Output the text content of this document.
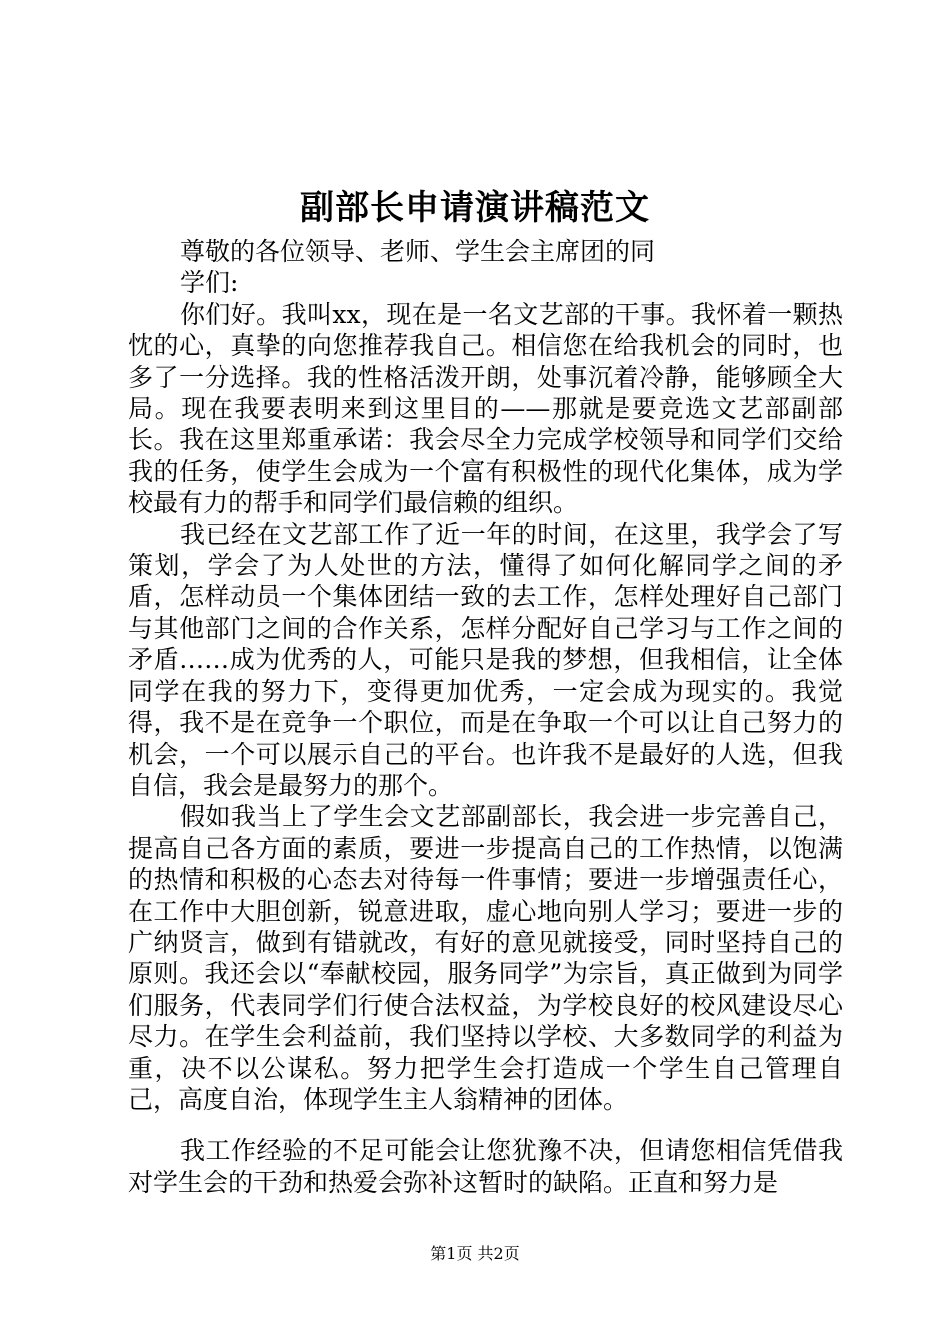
副部长申请演讲稿范文

尊敬的各位领导、老师、学生会主席团的同学们:

你们好。我叫xx，现在是一名文艺部的干事。我怀着一颗热忱的心，真挚的向您推荐我自己。相信您在给我机会的同时，也多了一分选择。我的性格活泼开朗，处事沉着冷静，能够顾全大局。现在我要表明来到这里目的——那就是要竞选文艺部副部长。我在这里郑重承诺：我会尽全力完成学校领导和同学们交给我的任务，使学生会成为一个富有积极性的现代化集体，成为学校最有力的帮手和同学们最信赖的组织。

我已经在文艺部工作了近一年的时间，在这里，我学会了写策划，学会了为人处世的方法，懂得了如何化解同学之间的矛盾，怎样动员一个集体团结一致的去工作，怎样处理好自己部门与其他部门之间的合作关系，怎样分配好自己学习与工作之间的矛盾……成为优秀的人，可能只是我的梦想，但我相信，让全体同学在我的努力下，变得更加优秀，一定会成为现实的。我觉得，我不是在竞争一个职位，而是在争取一个可以让自己努力的机会，一个可以展示自己的平台。也许我不是最好的人选，但我自信，我会是最努力的那个。

假如我当上了学生会文艺部副部长，我会进一步完善自己，提高自己各方面的素质，要进一步提高自己的工作热情，以饱满的热情和积极的心态去对待每一件事情；要进一步增强责任心，在工作中大胆创新，锐意进取，虚心地向别人学习；要进一步的广纳贤言，做到有错就改，有好的意见就接受，同时坚持自己的原则。我还会以“奉献校园，服务同学”为宗旨，真正做到为同学们服务，代表同学们行使合法权益，为学校良好的校风建设尽心尽力。在学生会利益前，我们坚持以学校、大多数同学的利益为重，决不以公谋私。努力把学生会打造成一个学生自己管理自己，高度自治，体现学生主人翁精神的团体。

我工作经验的不足可能会让您犹豫不决，但请您相信凭借我对学生会的干劲和热爱会弥补这暂时的缺陷。正直和努力是

第1页 共2页
